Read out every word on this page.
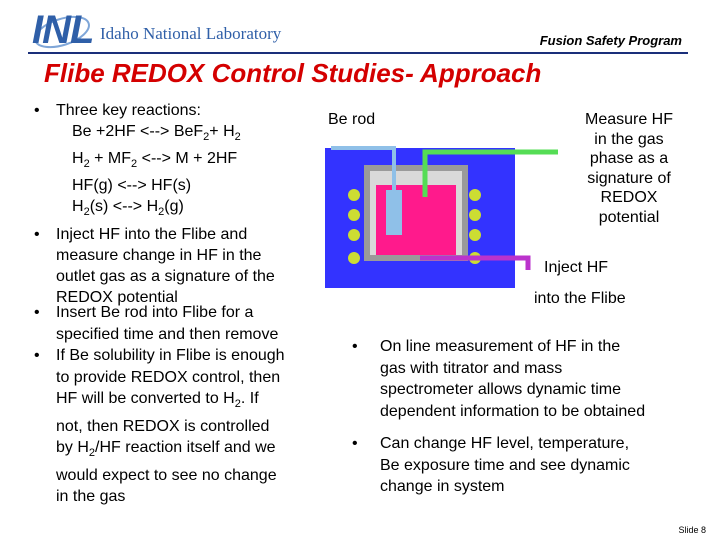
INL Idaho National Laboratory	Fusion Safety Program
Flibe REDOX Control Studies- Approach
• Three key reactions:
Be +2HF <--> $BeF_2+ H_2$
$H_2 + MF_2$ <--> M + 2HF
HF(g) <--> HF(s)
$H_2(s)$ <--> $H_2(g)$
• Inject HF into the Flibe and
measure change in HF in the
outlet gas as a signature of the
REDOX potential
• Insert Be rod into Flibe for a
specified time and then remove
• If Be solubility in Flibe is enough
to provide REDOX control, then
HF will be converted to $H_2$. If
not, then REDOX is controlled
by $H_2/HF$ reaction itself and we
would expect to see no change
in the gas
Be rod	Measure HF
in the gas
phase as a
signature of
REDOX
potential
Inject HF
into the Flibe
• On line measurement of HF in the
gas with titrator and mass
spectrometer allows dynamic time
dependent information to be obtained
• Can change HF level, temperature,
Be exposure time and see dynamic
change in system
Slide 8
